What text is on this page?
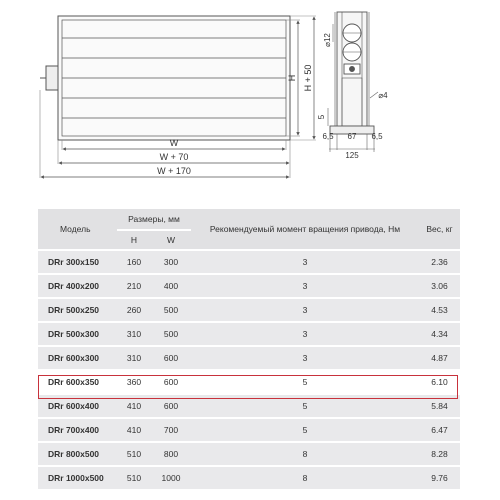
W
W + 70
W + 170
H H + 50
⌀12
5
⌀4
6,5 67 6,5
125
Модель	Размеры, мм		Рекомендуемый момент вращения привода, Нм	Вес, кг
	H	W		
DRr 300x150	160	300	3	2.36
DRr 400x200	210	400	3	3.06
DRr 500x250	260	500	3	4.53
DRr 500x300	310	500	3	4.34
DRr 600x300	310	600	3	4.87
DRr 600x350	360	600	5	6.10
DRr 600x400	410	600	5	5.84
DRr 700x400	410	700	5	6.47
DRr 800x500	510	800	8	8.28
DRr 1000x500	510	1000	8	9.76
